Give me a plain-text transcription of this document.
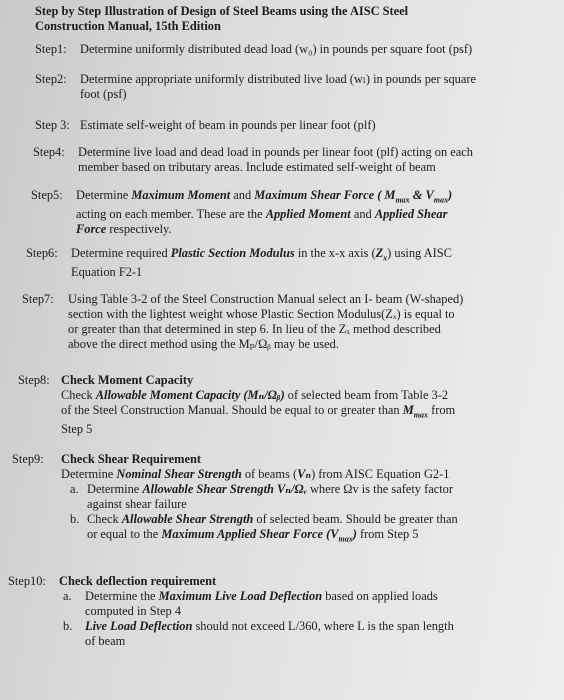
Step by Step Illustration of Design of Steel Beams using the AISC Steel
Construction Manual, 15th Edition
Step1: Determine uniformly distributed dead load (w₀) in pounds per square foot (psf)
Step2: Determine appropriate uniformly distributed live load (wₗ) in pounds per square
foot (psf)
Step 3: Estimate self-weight of beam in pounds per linear foot (plf)
Step4: Determine live load and dead load in pounds per linear foot (plf) acting on each
member based on tributary areas. Include estimated self-weight of beam
Step5: Determine Maximum Moment and Maximum Shear Force ( $M_{max}$ & $V_{max}$)
acting on each member. These are the Applied Moment and Applied Shear
Force respectively.
Step6: Determine required Plastic Section Modulus in the x-x axis $(Z_x)$ using AISC
Equation F2-1
Step7: Using Table 3-2 of the Steel Construction Manual select an I- beam (W-shaped)
section with the lightest weight whose Plastic Section Modulus(Zₓ) is equal to
or greater than that determined in step 6. In lieu of the Zₓ method described
above the direct method using the Mₚ/Ωᵦ may be used.
Step8: Check Moment Capacity
Check Allowable Moment Capacity (Mₙ/Ωᵦ) of selected beam from Table 3-2
of the Steel Construction Manual. Should be equal to or greater than $M_{max}$ from
Step 5
Step9: Check Shear Requirement
Determine Nominal Shear Strength of beams (Vₙ) from AISC Equation G2-1
a. Determine Allowable Shear Strength Vₙ/Ωᵥ where Ωv is the safety factor
against shear failure
b. Check Allowable Shear Strength of selected beam. Should be greater than
or equal to the Maximum Applied Shear Force $(V_{max})$ from Step 5
Step10: Check deflection requirement
a. Determine the Maximum Live Load Deflection based on applied loads
computed in Step 4
b. Live Load Deflection should not exceed L/360, where L is the span length
of beam
